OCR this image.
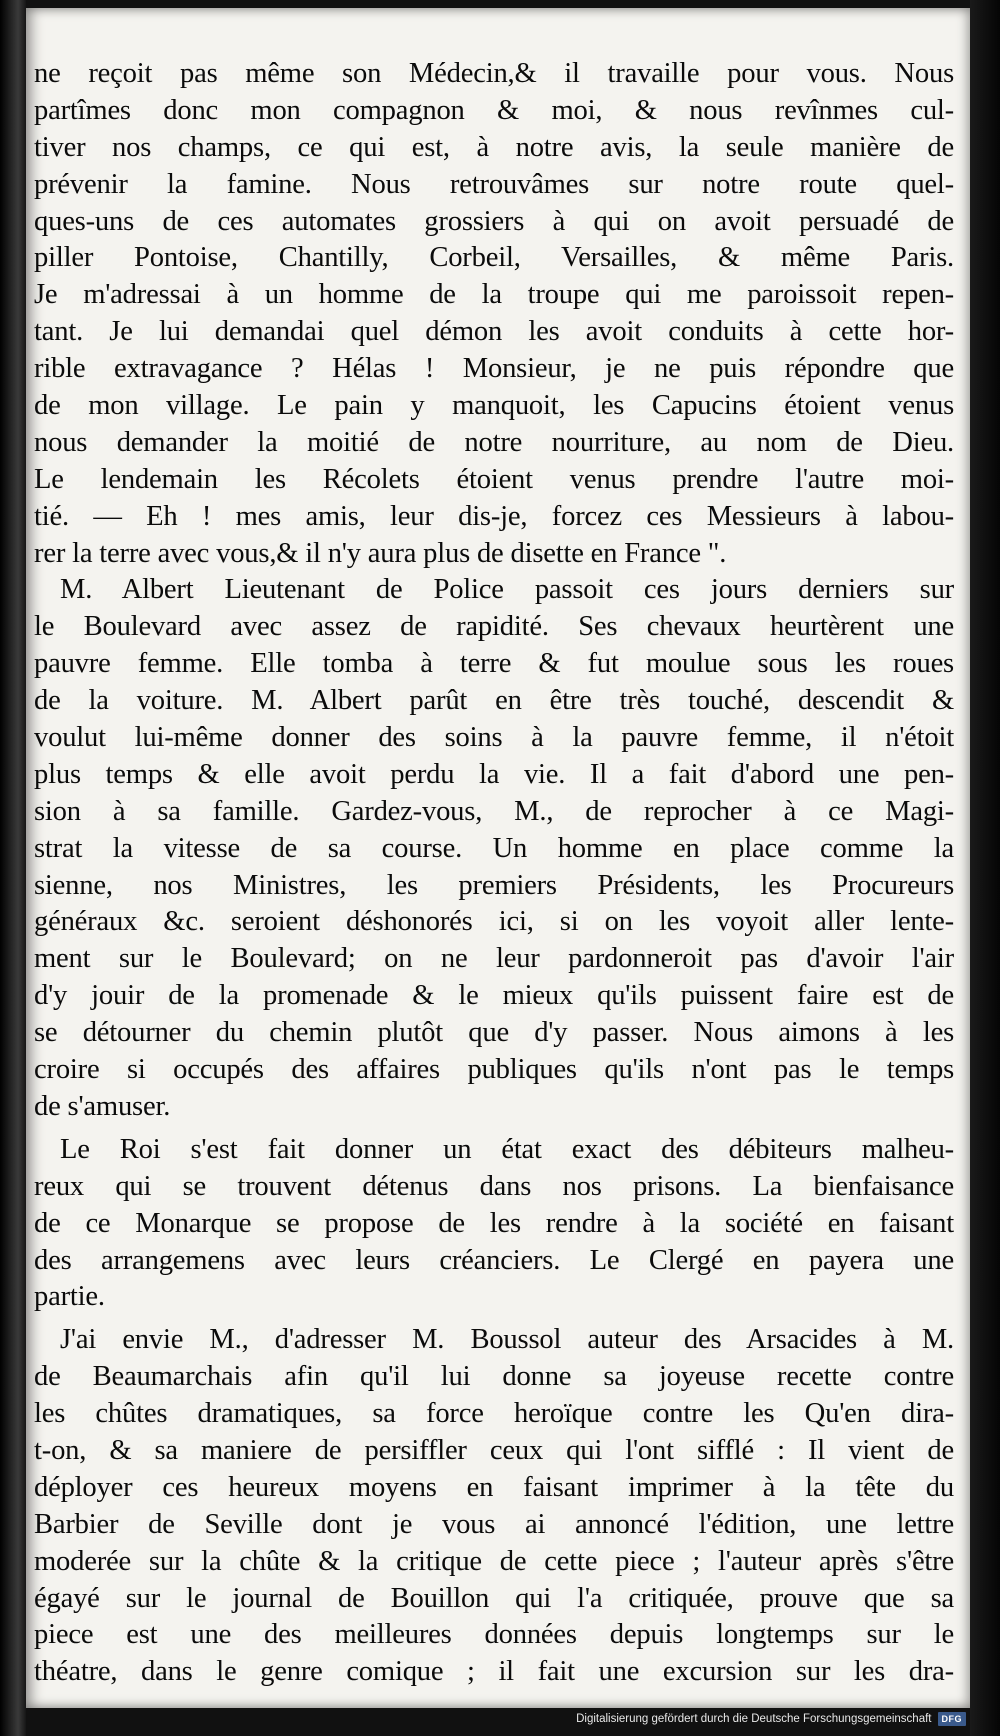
ne reçoit pas même son Médecin,& il travaille pour vous. Nous
partîmes donc mon compagnon & moi, & nous revînmes cul-
tiver nos champs, ce qui est, à notre avis, la seule manière de
prévenir la famine. Nous retrouvâmes sur notre route quel-
ques-uns de ces automates grossiers à qui on avoit persuadé de
piller Pontoise, Chantilly, Corbeil, Versailles, & même Paris.
Je m'adressai à un homme de la troupe qui me paroissoit repen-
tant. Je lui demandai quel démon les avoit conduits à cette hor-
rible extravagance ? Hélas ! Monsieur, je ne puis répondre que
de mon village. Le pain y manquoit, les Capucins étoient venus
nous demander la moitié de notre nourriture, au nom de Dieu.
Le lendemain les Récolets étoient venus prendre l'autre moi-
tié. — Eh ! mes amis, leur dis-je, forcez ces Messieurs à labou-
rer la terre avec vous,& il n'y aura plus de disette en France ".
M. Albert Lieutenant de Police passoit ces jours derniers sur
le Boulevard avec assez de rapidité. Ses chevaux heurtèrent une
pauvre femme. Elle tomba à terre & fut moulue sous les roues
de la voiture. M. Albert parût en être très touché, descendit &
voulut lui-même donner des soins à la pauvre femme, il n'étoit
plus temps & elle avoit perdu la vie. Il a fait d'abord une pen-
sion à sa famille. Gardez-vous, M., de reprocher à ce Magi-
strat la vitesse de sa course. Un homme en place comme la
sienne, nos Ministres, les premiers Présidents, les Procureurs
généraux &c. seroient déshonorés ici, si on les voyoit aller lente-
ment sur le Boulevard; on ne leur pardonneroit pas d'avoir l'air
d'y jouir de la promenade & le mieux qu'ils puissent faire est de
se détourner du chemin plutôt que d'y passer. Nous aimons à les
croire si occupés des affaires publiques qu'ils n'ont pas le temps
de s'amuser.
Le Roi s'est fait donner un état exact des débiteurs malheu-
reux qui se trouvent détenus dans nos prisons. La bienfaisance
de ce Monarque se propose de les rendre à la société en faisant
des arrangemens avec leurs créanciers. Le Clergé en payera une
partie.
J'ai envie M., d'adresser M. Boussol auteur des Arsacides à M.
de Beaumarchais afin qu'il lui donne sa joyeuse recette contre
les chûtes dramatiques, sa force heroïque contre les Qu'en dira-
t-on, & sa maniere de persiffler ceux qui l'ont sifflé : Il vient de
déployer ces heureux moyens en faisant imprimer à la tête du
Barbier de Seville dont je vous ai annoncé l'édition, une lettre
moderée sur la chûte & la critique de cette piece ; l'auteur après s'être
égayé sur le journal de Bouillon qui l'a critiquée, prouve que sa
piece est une des meilleures données depuis longtemps sur le
théatre, dans le genre comique ; il fait une excursion sur les dra-
Digitalisierung gefördert durch die Deutsche Forschungsgemeinschaft	DFG
